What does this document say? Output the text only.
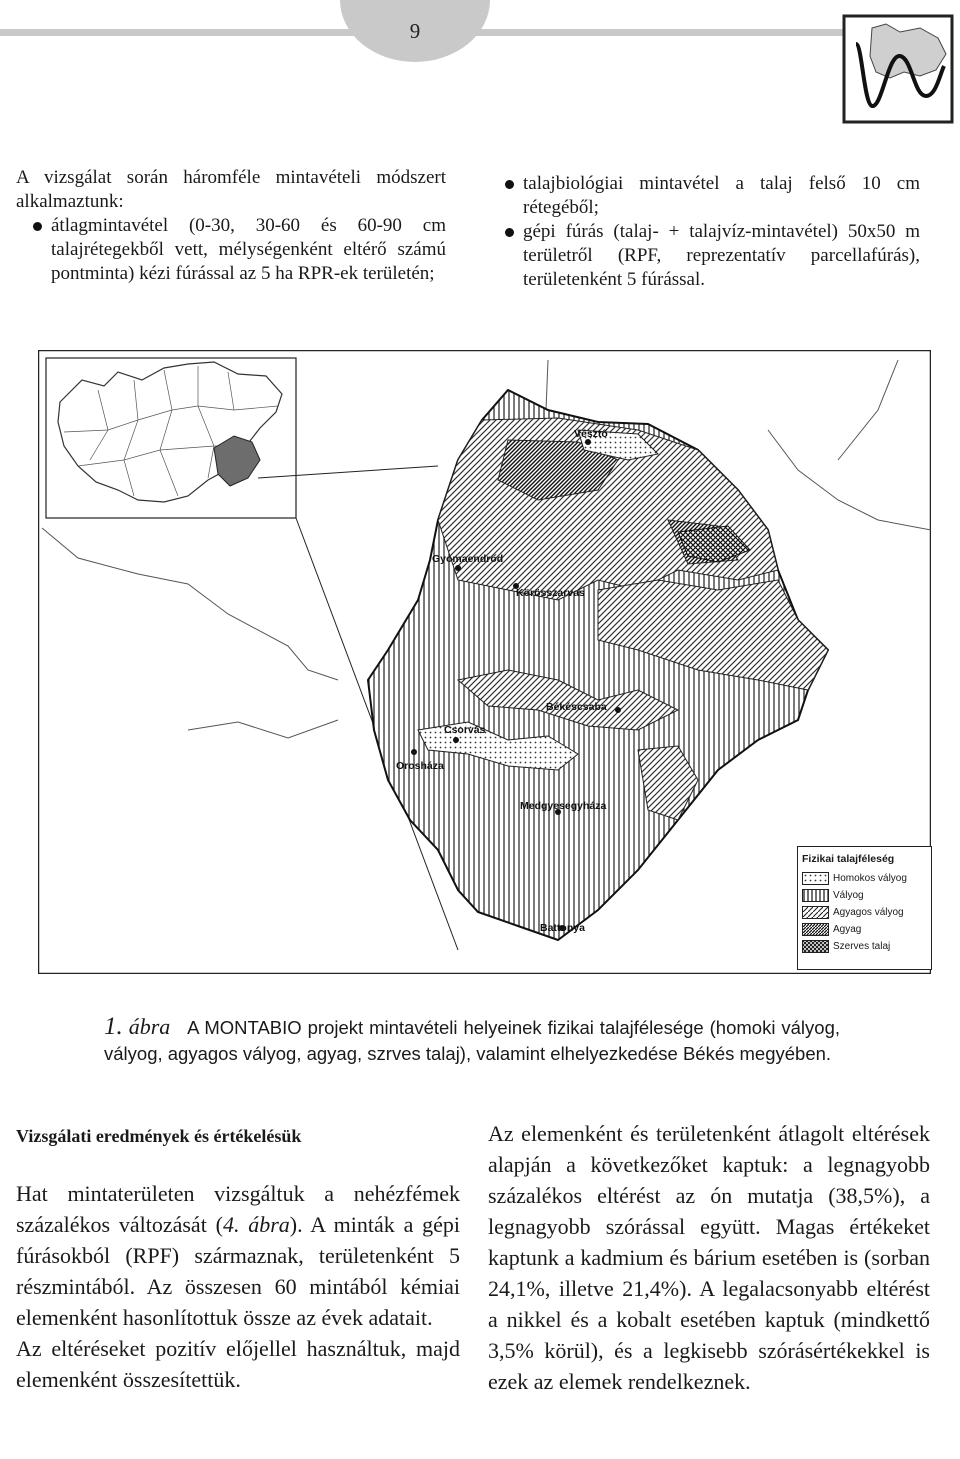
9

A vizsgálat során háromféle mintavételi módszert alkalmaztunk:

átlagmintavétel (0-30, 30-60 és 60-90 cm talajrétegekből vett, mélységenként eltérő számú pontminta) kézi fúrással az 5 ha RPR-ek területén;
talajbiológiai mintavétel a talaj felső 10 cm rétegéből;
gépi fúrás (talaj- + talajvíz-mintavétel) 50x50 m területről (RPF, reprezentatív parcellafúrás), területenként 5 fúrással.
Gyomaendrőd
Körösszarvas
Békéscsaba
Orosháza
Csorvás
Medgyesegyháza
Battonya
Vésztő
Fizikai talajféleség
Homokos vályog
Vályog
Agyagos vályog
Agyag
Szerves talaj
1. ábra A MONTABIO projekt mintavételi helyeinek fizikai talajfélesége (homoki vályog, vályog, agyagos vályog, agyag, szrves talaj), valamint elhelyezkedése Békés megyében.
Vizsgálati eredmények és értékelésük

Hat mintaterületen vizsgáltuk a nehézfémek százalékos változását (4. ábra). A minták a gépi fúrásokból (RPF) származnak, területenként 5 részmintából. Az összesen 60 mintából kémiai elemenként hasonlítottuk össze az évek adatait.

Az eltéréseket pozitív előjellel használtuk, majd elemenként összesítettük.

Az elemenként és területenként átlagolt eltérések alapján a következőket kaptuk: a legnagyobb százalékos eltérést az ón mutatja (38,5%), a legnagyobb szórással együtt. Magas értékeket kaptunk a kadmium és bárium esetében is (sorban 24,1%, illetve 21,4%). A legalacsonyabb eltérést a nikkel és a kobalt esetében kaptuk (mindkettő 3,5% körül), és a legkisebb szórásértékekkel is ezek az elemek rendelkeznek.
